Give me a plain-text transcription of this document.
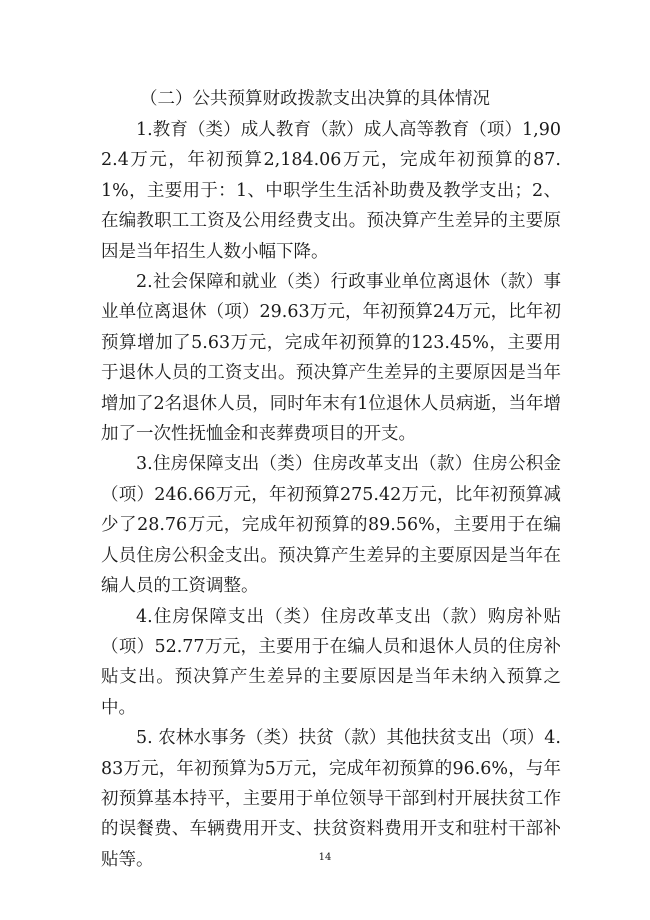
（二）公共预算财政拨款支出决算的具体情况

1.教育（类）成人教育（款）成人高等教育（项）1,902.4万元，年初预算2,184.06万元，完成年初预算的87.1%，主要用于：1、中职学生生活补助费及教学支出；2、在编教职工工资及公用经费支出。预决算产生差异的主要原因是当年招生人数小幅下降。

2.社会保障和就业（类）行政事业单位离退休（款）事业单位离退休（项）29.63万元，年初预算24万元，比年初预算增加了5.63万元，完成年初预算的123.45%，主要用于退休人员的工资支出。预决算产生差异的主要原因是当年增加了2名退休人员，同时年末有1位退休人员病逝，当年增加了一次性抚恤金和丧葬费项目的开支。

3.住房保障支出（类）住房改革支出（款）住房公积金（项）246.66万元，年初预算275.42万元，比年初预算减少了28.76万元，完成年初预算的89.56%，主要用于在编人员住房公积金支出。预决算产生差异的主要原因是当年在编人员的工资调整。

4.住房保障支出（类）住房改革支出（款）购房补贴（项）52.77万元，主要用于在编人员和退休人员的住房补贴支出。预决算产生差异的主要原因是当年未纳入预算之中。

5. 农林水事务（类）扶贫（款）其他扶贫支出（项）4.83万元，年初预算为5万元，完成年初预算的96.6%，与年初预算基本持平，主要用于单位领导干部到村开展扶贫工作的误餐费、车辆费用开支、扶贫资料费用开支和驻村干部补贴等。	14
